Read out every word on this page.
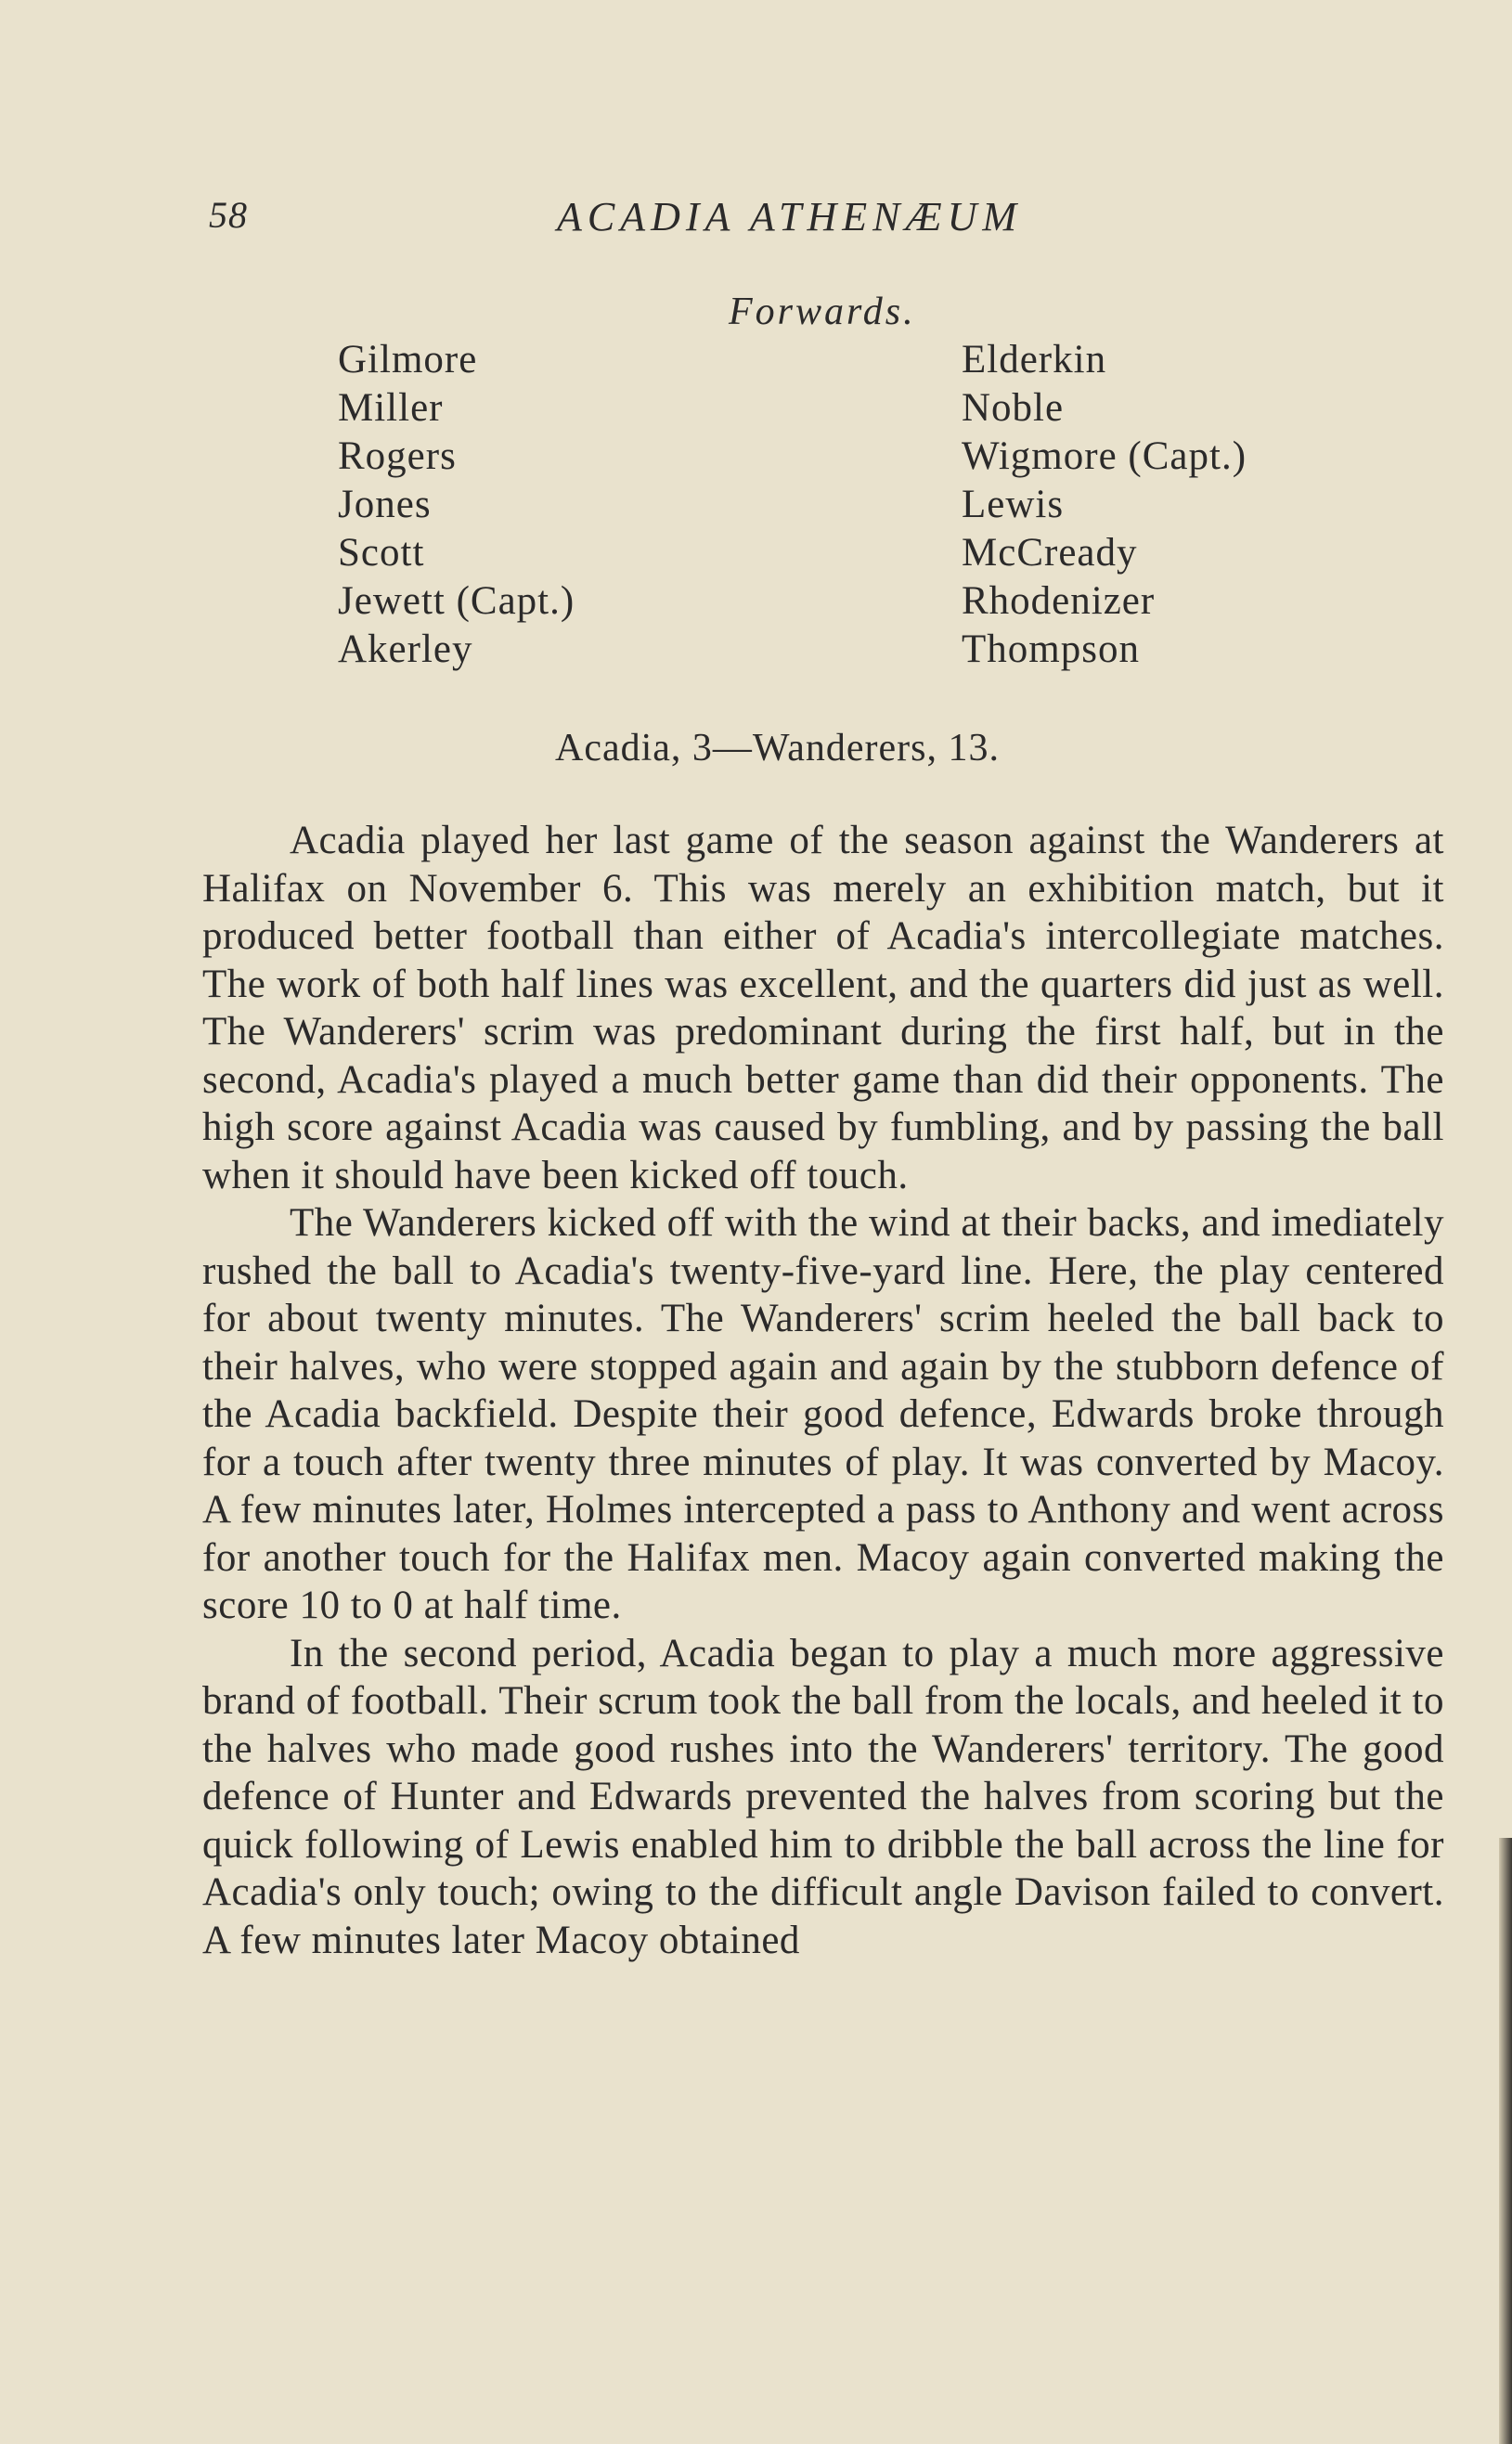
58	ACADIA ATHENÆUM
Forwards.
Gilmore
Miller
Rogers
Jones
Scott
Jewett (Capt.)
Akerley
Elderkin
Noble
Wigmore (Capt.)
Lewis
McCready
Rhodenizer
Thompson
Acadia, 3—Wanderers, 13.

Acadia played her last game of the season against the Wanderers at Halifax on November 6. This was merely an exhibition match, but it produced better football than either of Acadia's intercollegiate matches. The work of both half lines was excellent, and the quarters did just as well. The Wanderers' scrim was predominant during the first half, but in the second, Acadia's played a much better game than did their opponents. The high score against Acadia was caused by fumbling, and by passing the ball when it should have been kicked off touch.

The Wanderers kicked off with the wind at their backs, and imediately rushed the ball to Acadia's twenty-five-yard line. Here, the play centered for about twenty minutes. The Wanderers' scrim heeled the ball back to their halves, who were stopped again and again by the stubborn defence of the Acadia backfield. Despite their good defence, Edwards broke through for a touch after twenty three minutes of play. It was converted by Macoy. A few minutes later, Holmes intercepted a pass to Anthony and went across for another touch for the Halifax men. Macoy again converted making the score 10 to 0 at half time.

In the second period, Acadia began to play a much more aggressive brand of football. Their scrum took the ball from the locals, and heeled it to the halves who made good rushes into the Wanderers' territory. The good defence of Hunter and Edwards prevented the halves from scoring but the quick following of Lewis enabled him to dribble the ball across the line for Acadia's only touch; owing to the difficult angle Davison failed to convert. A few minutes later Macoy obtained
